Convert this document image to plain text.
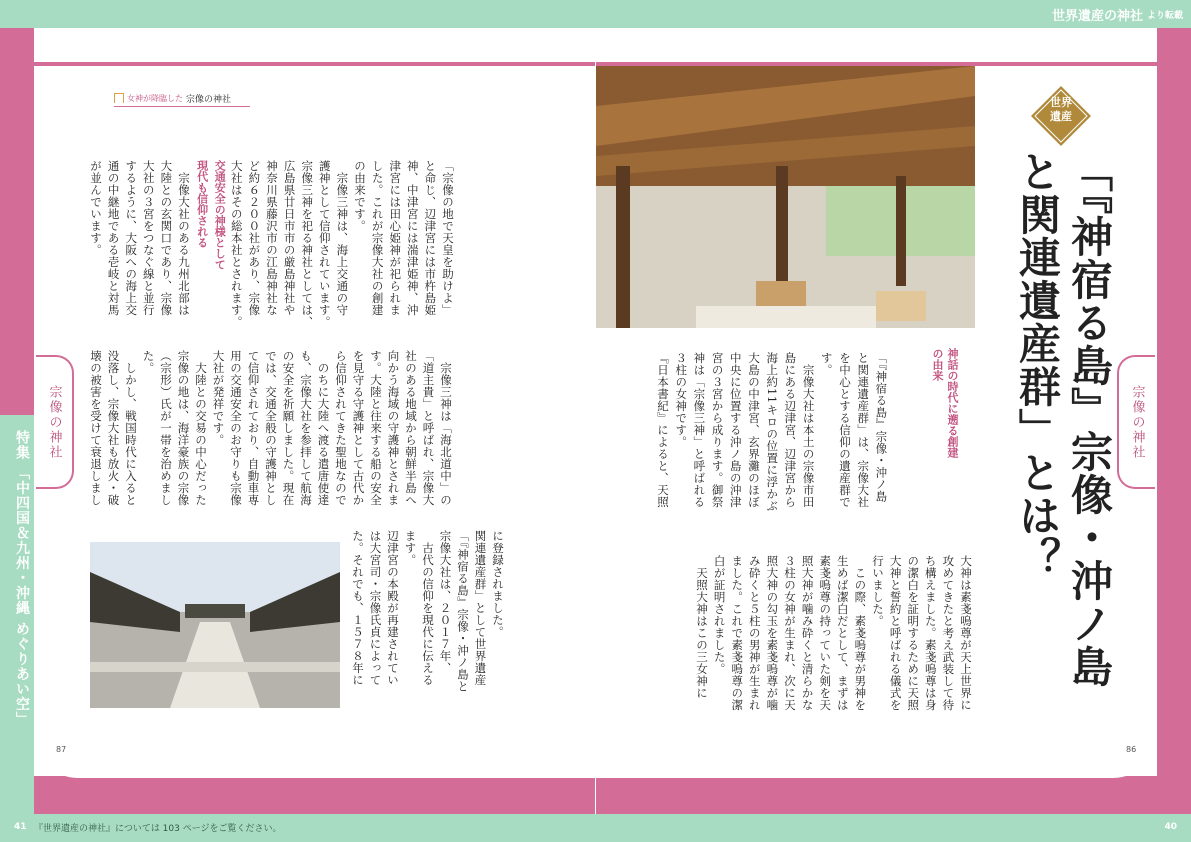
世界遺産の神社 より転載
特集 「中四国＆九州・沖縄 めぐりあい空」
『世界遺産の神社』については 103 ページをご覧ください。
41	40
宗像の神社	宗像の神社
女神が降臨した 宗像の神社	世界
遺産
「『神宿る島』宗像・沖ノ島と関連遺産群」とは？

大神は素戔嗚尊が天上世界に

攻めてきたと考え武装して待

ち構えました。素戔嗚尊は身

の潔白を証明するために天照

大神と誓約と呼ばれる儀式を

行いました。

　この際、素戔嗚尊が男神を

生めば潔白だとして、まずは

素戔嗚尊の持っていた剣を天

照大神が噛み砕くと清らかな

３柱の女神が生まれ、次に天

照大神の勾玉を素戔嗚尊が噛

み砕くと５柱の男神が生まれ

ました。これで素戔嗚尊の潔

白が証明されました。

　天照大神はこの三女神に

『日本書紀』によると、天照 ３柱の女神です。 神は「宗像三神」と呼ばれる 宮の３宮から成ります。御祭 中央に位置する沖ノ島の沖津 大島の中津宮、玄界灘のほぼ 海上約11キロの位置に浮かぶ 島にある辺津宮、辺津宮から 　宗像大社は本土の宗像市田 す。 を中心とする信仰の遺産群で と関連遺産群」は、宗像大社 「『神宿る島』宗像・沖ノ島	神話の時代に遡る創建の由来

が並んでいます。 通の中継地である壱岐と対馬 するように、大阪への海上交 大社の３宮をつなぐ線と並行 大陸との玄関口であり、宗像 　宗像大社のある九州北部は 現代も信仰される 交通安全の神様として 大社はその総本社とされます。 ど約６２００社があり、宗像 神奈川県藤沢市の江島神社な 広島県廿日市市の厳島神社や 宗像三神を祀る神社としては、 護神として信仰されています。 　宗像三神は、海上交通の守 の由来です。 した。これが宗像大社の創建 津宮には田心姫神が祀られま 神、中津宮には湍津姫神、沖 と命じ、辺津宮には市杵島姫 「宗像の地で天皇を助けよ」

壊の被害を受けて衰退しまし 没落し、宗像大社も放火・破 　しかし、戦国時代に入ると た。 （宗形）氏が一帯を治めまし 宗像の地は、海洋豪族の宗像 　大陸との交易の中心だった 大社が発祥です。 用の交通安全のお守りも宗像 て信仰されており、自動車専 では、交通全般の守護神とし の安全を祈願しました。現在 も、宗像大社を参拝して航海 　のちに大陸へ渡る遣唐使達 ら信仰されてきた聖地なので を見守る守護神として古代か す。大陸と往来する船の安全 向かう海域の守護神とされま 社のある地域から朝鮮半島へ 「道主貴」と呼ばれ、宗像大 　宗像三神は「海北道中」の

た。それでも、１５７８年に は大宮司・宗像氏貞によって 辺津宮の本殿が再建されてい ます。 　古代の信仰を現代に伝える 宗像大社は、２０１７年、 「『神宿る島』宗像・沖ノ島と 関連遺産群」として世界遺産 に登録されました。

87	86
